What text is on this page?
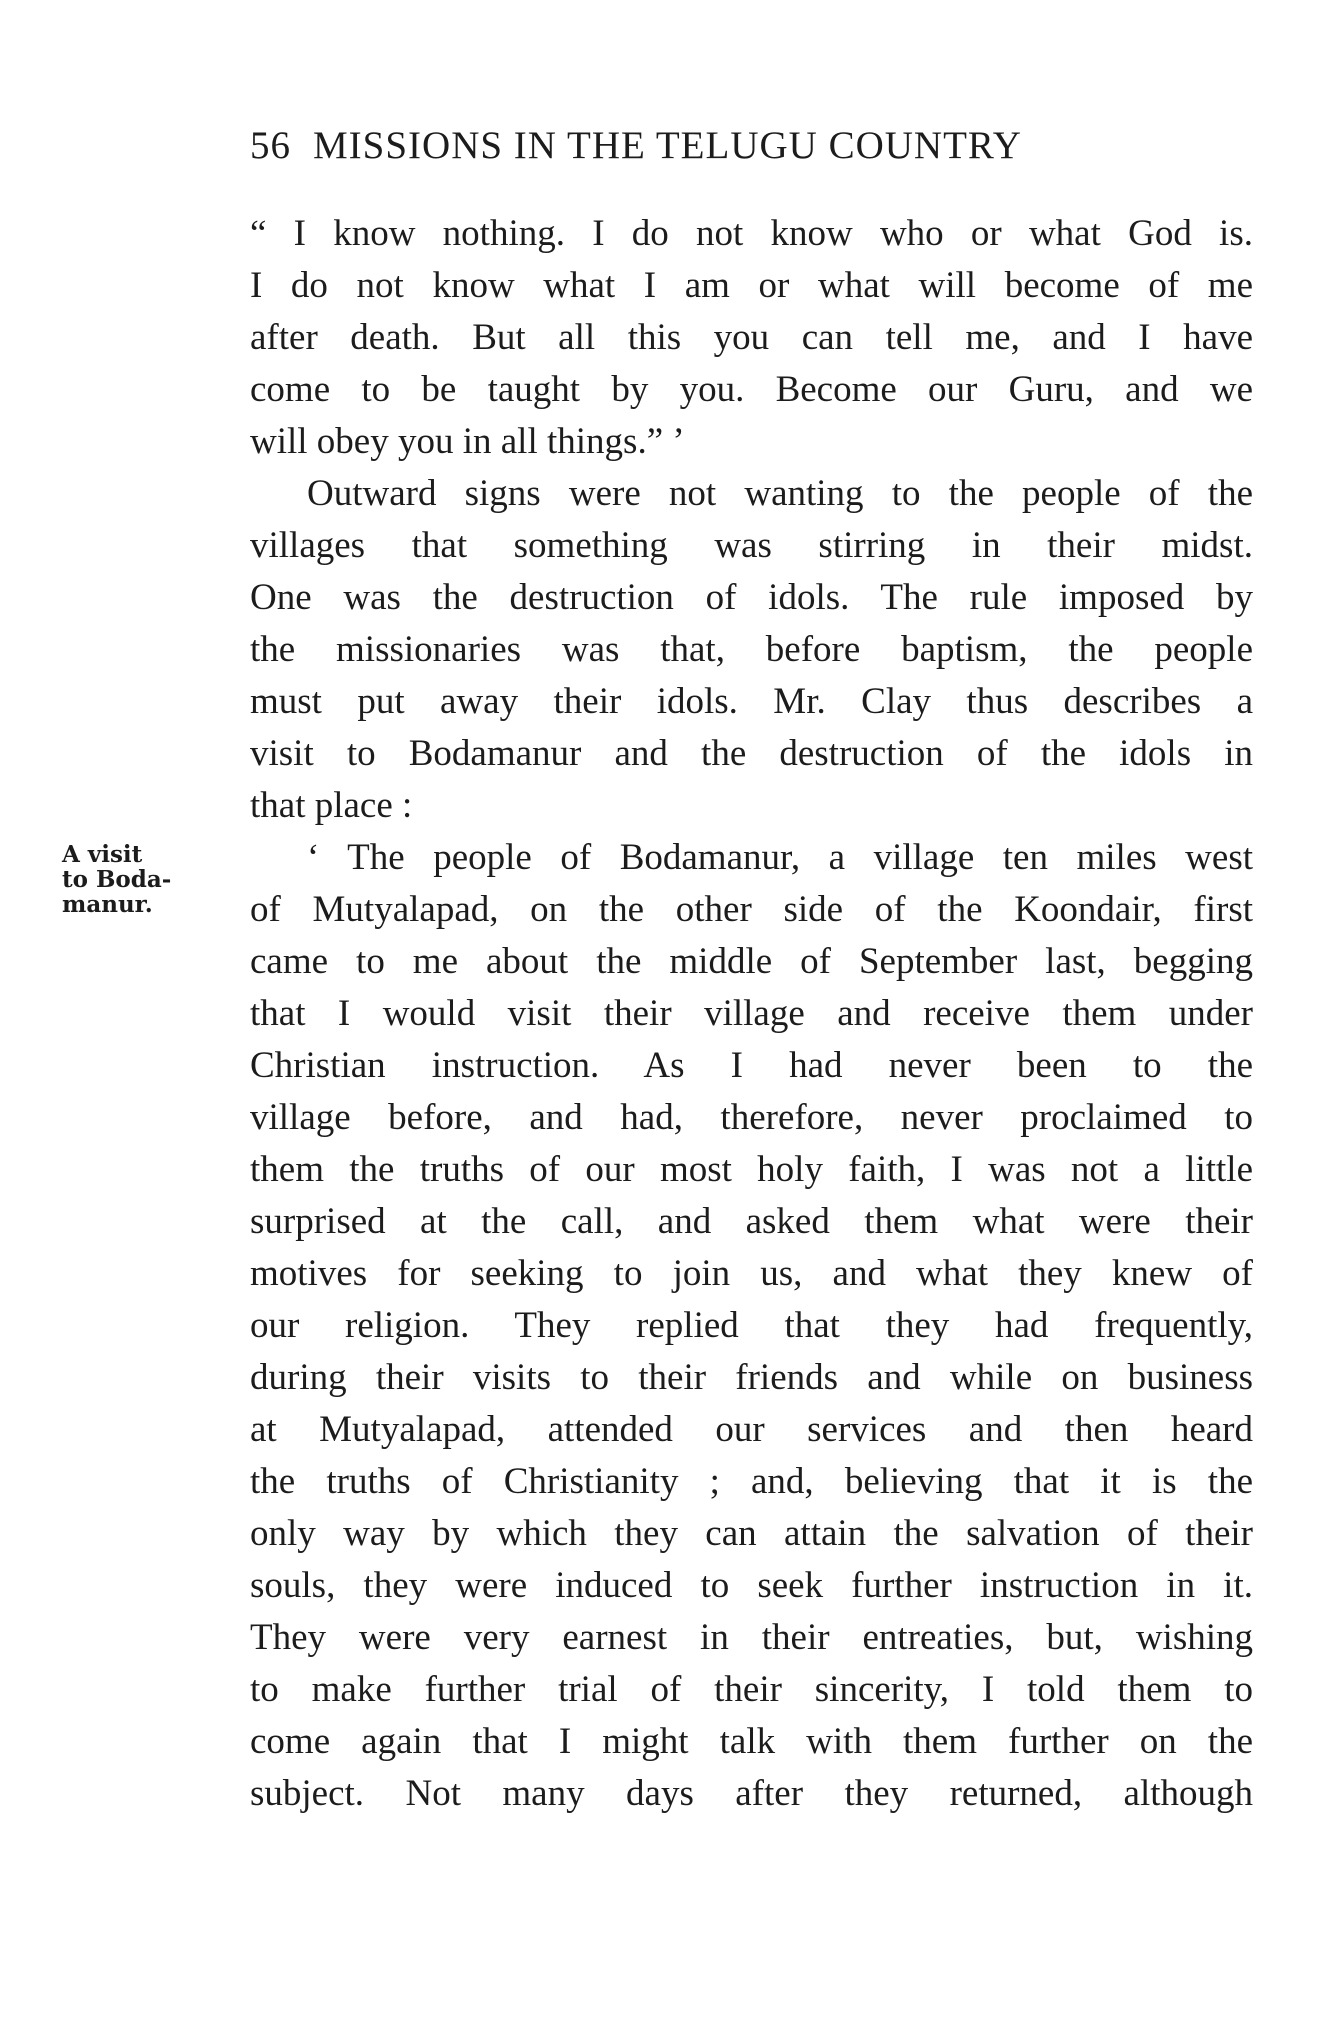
56 MISSIONS IN THE TELUGU COUNTRY
A visit
to Boda-
manur.
“ I know nothing. I do not know who or what God is.
I do not know what I am or what will become of me
after death. But all this you can tell me, and I have
come to be taught by you. Become our Guru, and we
will obey you in all things.” ’
Outward signs were not wanting to the people of the
villages that something was stirring in their midst.
One was the destruction of idols. The rule imposed by
the missionaries was that, before baptism, the people
must put away their idols. Mr. Clay thus describes a
visit to Bodamanur and the destruction of the idols in
that place :
‘ The people of Bodamanur, a village ten miles west
of Mutyalapad, on the other side of the Koondair, first
came to me about the middle of September last, begging
that I would visit their village and receive them under
Christian instruction. As I had never been to the
village before, and had, therefore, never proclaimed to
them the truths of our most holy faith, I was not a little
surprised at the call, and asked them what were their
motives for seeking to join us, and what they knew of
our religion. They replied that they had frequently,
during their visits to their friends and while on business
at Mutyalapad, attended our services and then heard
the truths of Christianity ; and, believing that it is the
only way by which they can attain the salvation of their
souls, they were induced to seek further instruction in it.
They were very earnest in their entreaties, but, wishing
to make further trial of their sincerity, I told them to
come again that I might talk with them further on the
subject. Not many days after they returned, although
